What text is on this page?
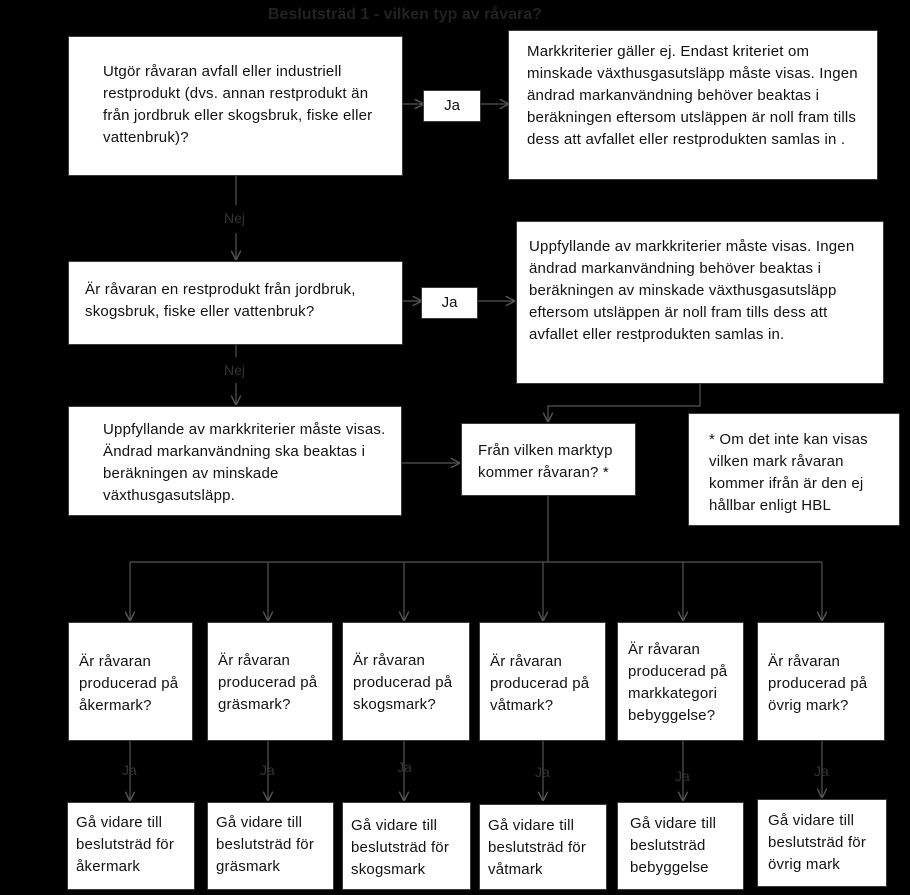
Beslutsträd 1 - vilken typ av råvara?
Utgör råvaran avfall eller industriell restprodukt (dvs. annan restprodukt än från jordbruk eller skogsbruk, fiske eller vattenbruk)?
Ja
Markkriterier gäller ej. Endast kriteriet om minskade växthusgasutsläpp måste visas. Ingen ändrad markanvändning behöver beaktas i beräkningen eftersom utsläppen är noll fram tills dess att avfallet eller restprodukten samlas in .
Nej
Är råvaran en restprodukt från jordbruk, skogsbruk, fiske eller vattenbruk?
Ja
Uppfyllande av markkriterier måste visas. Ingen ändrad markanvändning behöver beaktas i beräkningen av minskade växthusgasutsläpp eftersom utsläppen är noll fram tills dess att avfallet eller restprodukten samlas in.
Nej
Uppfyllande av markkriterier måste visas. Ändrad markanvändning ska beaktas i beräkningen av minskade växthusgasutsläpp.
Från vilken marktyp kommer råvaran? *
* Om det inte kan visas vilken mark råvaran kommer ifrån är den ej hållbar enligt HBL
Är råvaran producerad på åkermark?
Är råvaran producerad på gräsmark?
Är råvaran producerad på skogsmark?
Är råvaran producerad på våtmark?
Är råvaran producerad på markkategori bebyggelse?
Är råvaran producerad på övrig mark?
Ja	Ja	Ja	Ja	Ja	Ja
Gå vidare till beslutsträd för åkermark
Gå vidare till beslutsträd för gräsmark
Gå vidare till beslutsträd för skogsmark
Gå vidare till beslutsträd för våtmark
Gå vidare till beslutsträd bebyggelse
Gå vidare till beslutsträd för övrig mark
